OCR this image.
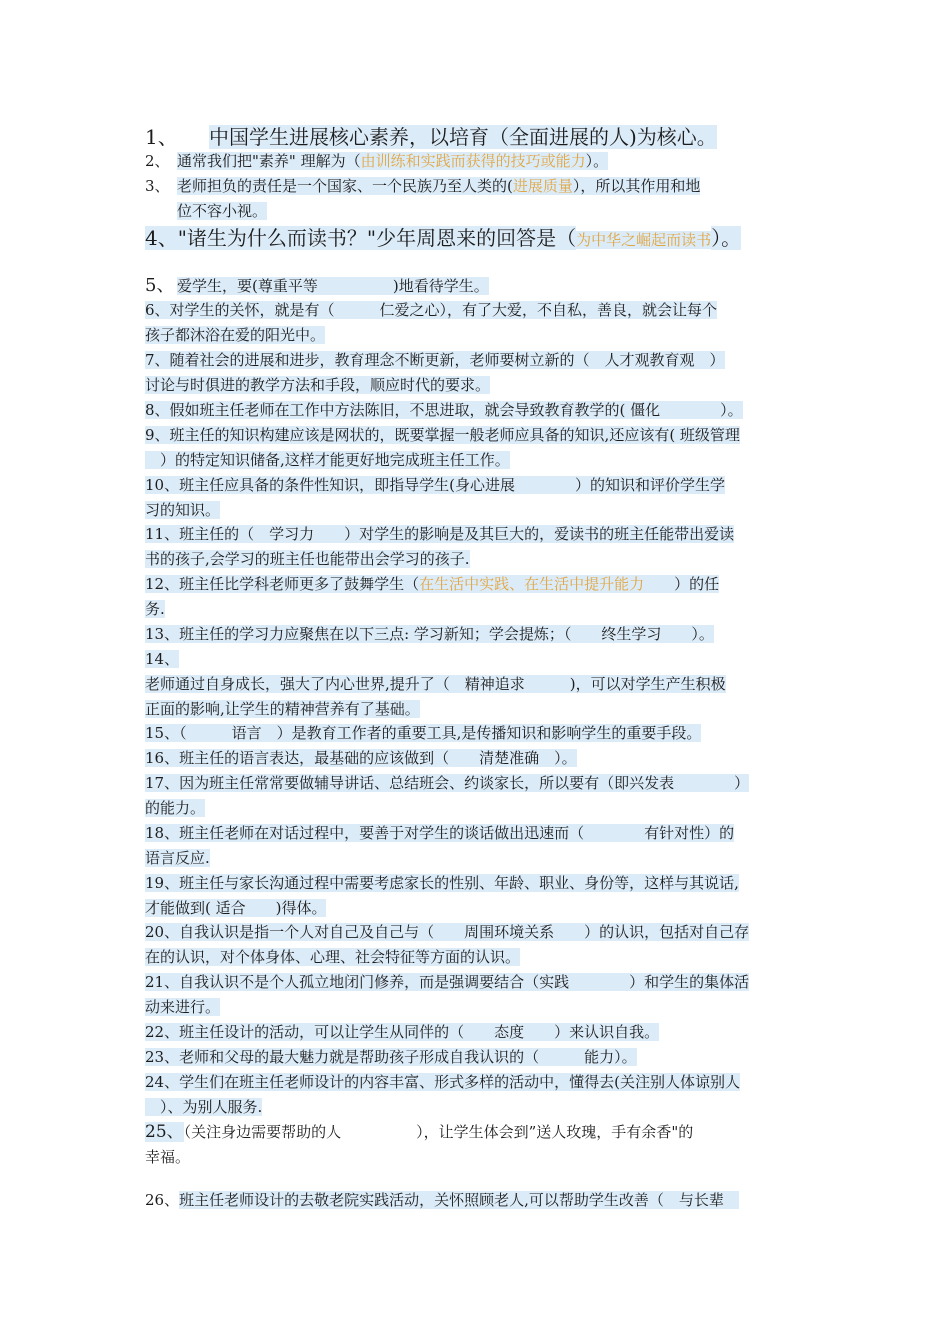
1、 中国学生进展核心素养，以培育（全面进展的人)为核心。
2、 通常我们把"素养" 理解为（由训练和实践而获得的技巧或能力）。
3、 老师担负的责任是一个国家、一个民族乃至人类的(进展质量），所以其作用和地
位不容小视。
4、"诸生为什么而读书？"少年周恩来的回答是（为中华之崛起而读书）。
5、 爱学生，要(尊重平等　　　　　)地看待学生。
6、对学生的关怀，就是有（　　　仁爱之心），有了大爱，不自私，善良，就会让每个
孩子都沐浴在爱的阳光中。
7、随着社会的进展和进步，教育理念不断更新，老师要树立新的（　人才观教育观　）
讨论与时俱进的教学方法和手段，顺应时代的要求。
8、假如班主任老师在工作中方法陈旧，不思进取，就会导致教育教学的( 僵化　　　　）。
9、班主任的知识构建应该是网状的，既要掌握一般老师应具备的知识,还应该有( 班级管理
　）的特定知识储备,这样才能更好地完成班主任工作。
10、班主任应具备的条件性知识，即指导学生(身心进展　　　　）的知识和评价学生学
习的知识。
11、班主任的（　学习力　　）对学生的影响是及其巨大的，爱读书的班主任能带出爱读
书的孩子,会学习的班主任也能带出会学习的孩子.
12、班主任比学科老师更多了鼓舞学生（在生活中实践、在生活中提升能力　　）的任
务.
13、班主任的学习力应聚焦在以下三点: 学习新知；学会提炼；（　　终生学习　　）。
14、
老师通过自身成长，强大了内心世界,提升了（　精神追求　　　)，可以对学生产生积极
正面的影响,让学生的精神营养有了基础。
15、（　　　语言　）是教育工作者的重要工具,是传播知识和影响学生的重要手段。
16、班主任的语言表达，最基础的应该做到（　　清楚准确　）。
17、因为班主任常常要做辅导讲话、总结班会、约谈家长，所以要有（即兴发表　　　　）
的能力。
18、班主任老师在对话过程中，要善于对学生的谈话做出迅速而（　　　　有针对性）的
语言反应.
19、班主任与家长沟通过程中需要考虑家长的性别、年龄、职业、身份等，这样与其说话,
才能做到( 适合　　)得体。
20、自我认识是指一个人对自己及自己与（　　周围环境关系　　）的认识，包括对自己存
在的认识，对个体身体、心理、社会特征等方面的认识。
21、自我认识不是个人孤立地闭门修养，而是强调要结合（实践　　　　）和学生的集体活
动来进行。
22、班主任设计的活动，可以让学生从同伴的（　　态度　　）来认识自我。
23、老师和父母的最大魅力就是帮助孩子形成自我认识的（　　　能力）。
24、学生们在班主任老师设计的内容丰富、形式多样的活动中，懂得去(关注别人体谅别人
　）、为别人服务.
25、（关注身边需要帮助的人　　　　　），让学生体会到”送人玫瑰，手有余香"的
幸福。
26、班主任老师设计的去敬老院实践活动，关怀照顾老人,可以帮助学生改善（　与长辈　
